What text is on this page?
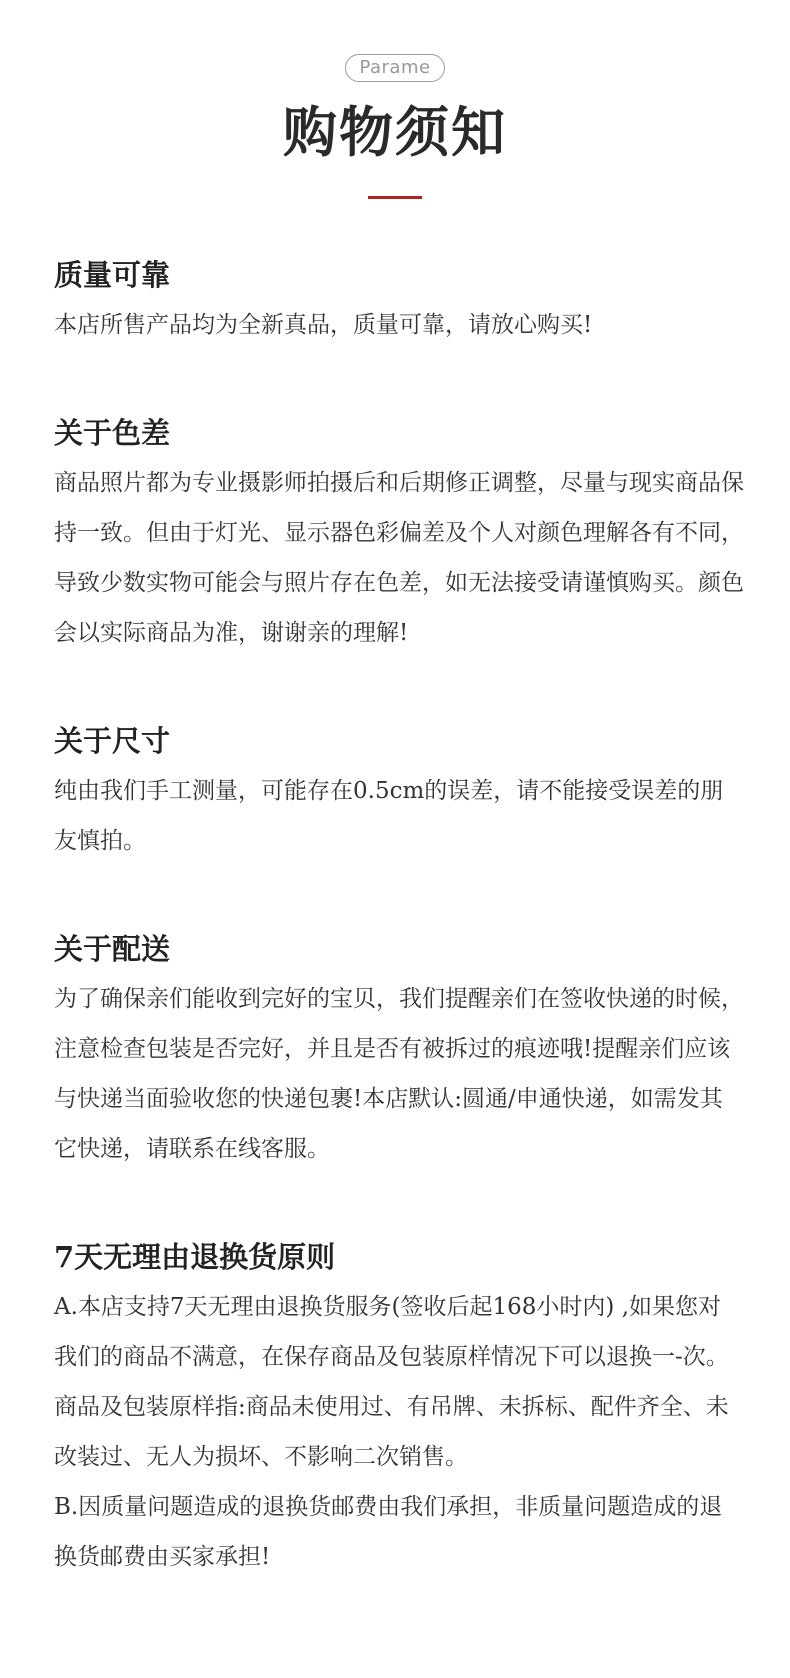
Parame
购物须知
质量可靠

本店所售产品均为全新真品，质量可靠，请放心购买!

关于色差

商品照片都为专业摄影师拍摄后和后期修正调整，尽量与现实商品保持一致。但由于灯光、显示器色彩偏差及个人对颜色理解各有不同，导致少数实物可能会与照片存在色差，如无法接受请谨慎购买。颜色会以实际商品为准，谢谢亲的理解!

关于尺寸

纯由我们手工测量，可能存在0.5cm的误差，请不能接受误差的朋友慎拍。

关于配送

为了确保亲们能收到完好的宝贝，我们提醒亲们在签收快递的时候，注意检查包装是否完好，并且是否有被拆过的痕迹哦!提醒亲们应该与快递当面验收您的快递包裹!本店默认:圆通/申通快递，如需发其它快递，请联系在线客服。

7天无理由退换货原则

A.本店支持7天无理由退换货服务(签收后起168小时内) ,如果您对我们的商品不满意，在保存商品及包装原样情况下可以退换一-次。 商品及包装原样指:商品未使用过、有吊牌、未拆标、配件齐全、未改装过、无人为损坏、不影响二次销售。

B.因质量问题造成的退换货邮费由我们承担，非质量问题造成的退换货邮费由买家承担!
